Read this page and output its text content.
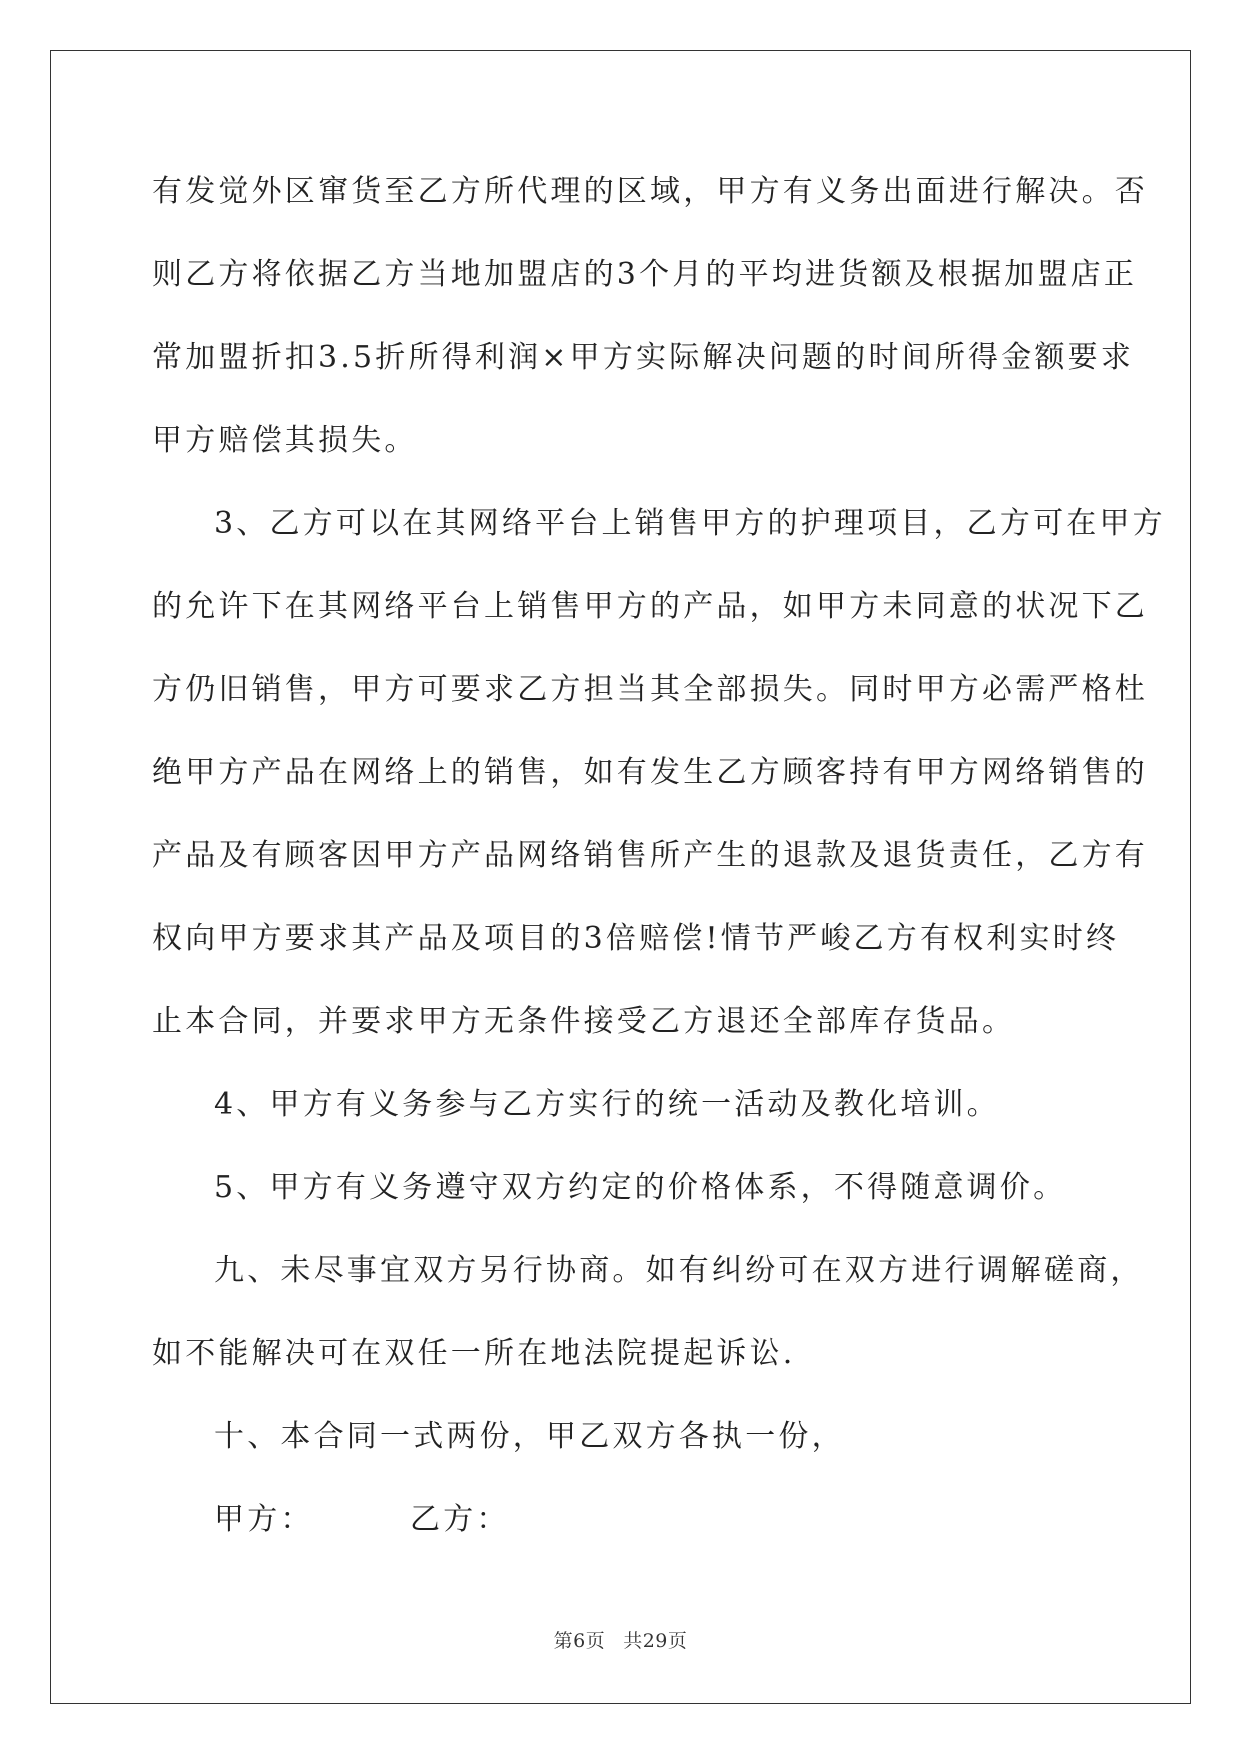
有发觉外区窜货至乙方所代理的区域，甲方有义务出面进行解决。否

则乙方将依据乙方当地加盟店的3个月的平均进货额及根据加盟店正

常加盟折扣3.5折所得利润×甲方实际解决问题的时间所得金额要求

甲方赔偿其损失。

3、乙方可以在其网络平台上销售甲方的护理项目，乙方可在甲方

的允许下在其网络平台上销售甲方的产品，如甲方未同意的状况下乙

方仍旧销售，甲方可要求乙方担当其全部损失。同时甲方必需严格杜

绝甲方产品在网络上的销售，如有发生乙方顾客持有甲方网络销售的

产品及有顾客因甲方产品网络销售所产生的退款及退货责任，乙方有

权向甲方要求其产品及项目的3倍赔偿!情节严峻乙方有权利实时终

止本合同，并要求甲方无条件接受乙方退还全部库存货品。

4、甲方有义务参与乙方实行的统一活动及教化培训。

5、甲方有义务遵守双方约定的价格体系，不得随意调价。

九、未尽事宜双方另行协商。如有纠纷可在双方进行调解磋商，

如不能解决可在双任一所在地法院提起诉讼.

十、本合同一式两份，甲乙双方各执一份，

甲方：	乙方：

第6页 共29页
